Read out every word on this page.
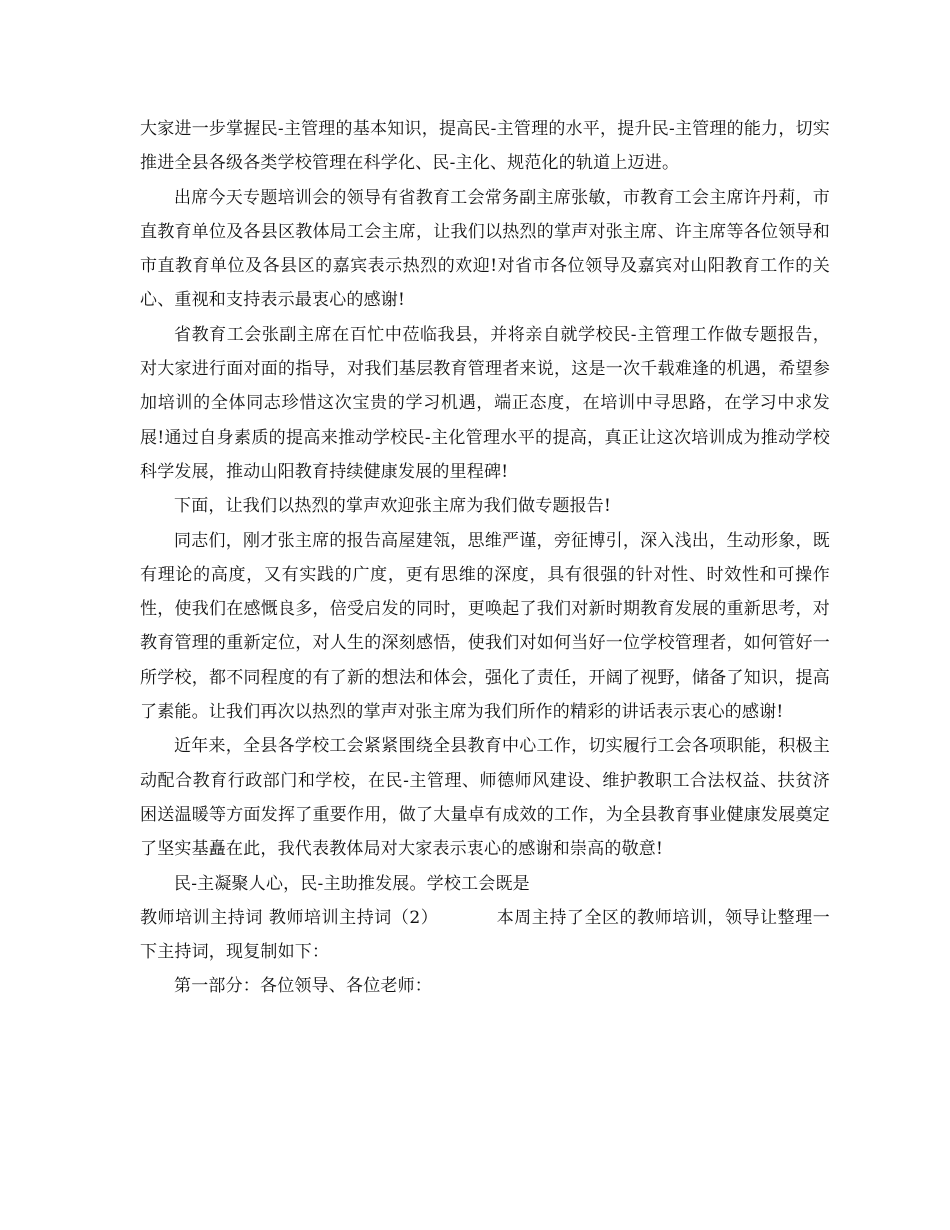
大家进一步掌握民-主管理的基本知识，提高民-主管理的水平，提升民-主管理的能力，切实推进全县各级各类学校管理在科学化、民-主化、规范化的轨道上迈进。

出席今天专题培训会的领导有省教育工会常务副主席张敏，市教育工会主席许丹莉，市直教育单位及各县区教体局工会主席，让我们以热烈的掌声对张主席、许主席等各位领导和市直教育单位及各县区的嘉宾表示热烈的欢迎!对省市各位领导及嘉宾对山阳教育工作的关心、重视和支持表示最衷心的感谢!

省教育工会张副主席在百忙中莅临我县，并将亲自就学校民-主管理工作做专题报告，对大家进行面对面的指导，对我们基层教育管理者来说，这是一次千载难逢的机遇，希望参加培训的全体同志珍惜这次宝贵的学习机遇，端正态度，在培训中寻思路，在学习中求发展!通过自身素质的提高来推动学校民-主化管理水平的提高，真正让这次培训成为推动学校科学发展，推动山阳教育持续健康发展的里程碑!

下面，让我们以热烈的掌声欢迎张主席为我们做专题报告!

同志们，刚才张主席的报告高屋建瓴，思维严谨，旁征博引，深入浅出，生动形象，既有理论的高度，又有实践的广度，更有思维的深度，具有很强的针对性、时效性和可操作性，使我们在感慨良多，倍受启发的同时，更唤起了我们对新时期教育发展的重新思考，对教育管理的重新定位，对人生的深刻感悟，使我们对如何当好一位学校管理者，如何管好一所学校，都不同程度的有了新的想法和体会，强化了责任，开阔了视野，储备了知识，提高了素能。让我们再次以热烈的掌声对张主席为我们所作的精彩的讲话表示衷心的感谢!

近年来，全县各学校工会紧紧围绕全县教育中心工作，切实履行工会各项职能，积极主动配合教育行政部门和学校，在民-主管理、师德师风建设、维护教职工合法权益、扶贫济困送温暖等方面发挥了重要作用，做了大量卓有成效的工作，为全县教育事业健康发展奠定了坚实基矗在此，我代表教体局对大家表示衷心的感谢和崇高的敬意!

民-主凝聚人心，民-主助推发展。学校工会既是

教师培训主持词 教师培训主持词（2）	本周主持了全区的教师培训，领导让整理一下主持词，现复制如下：

第一部分：各位领导、各位老师：
